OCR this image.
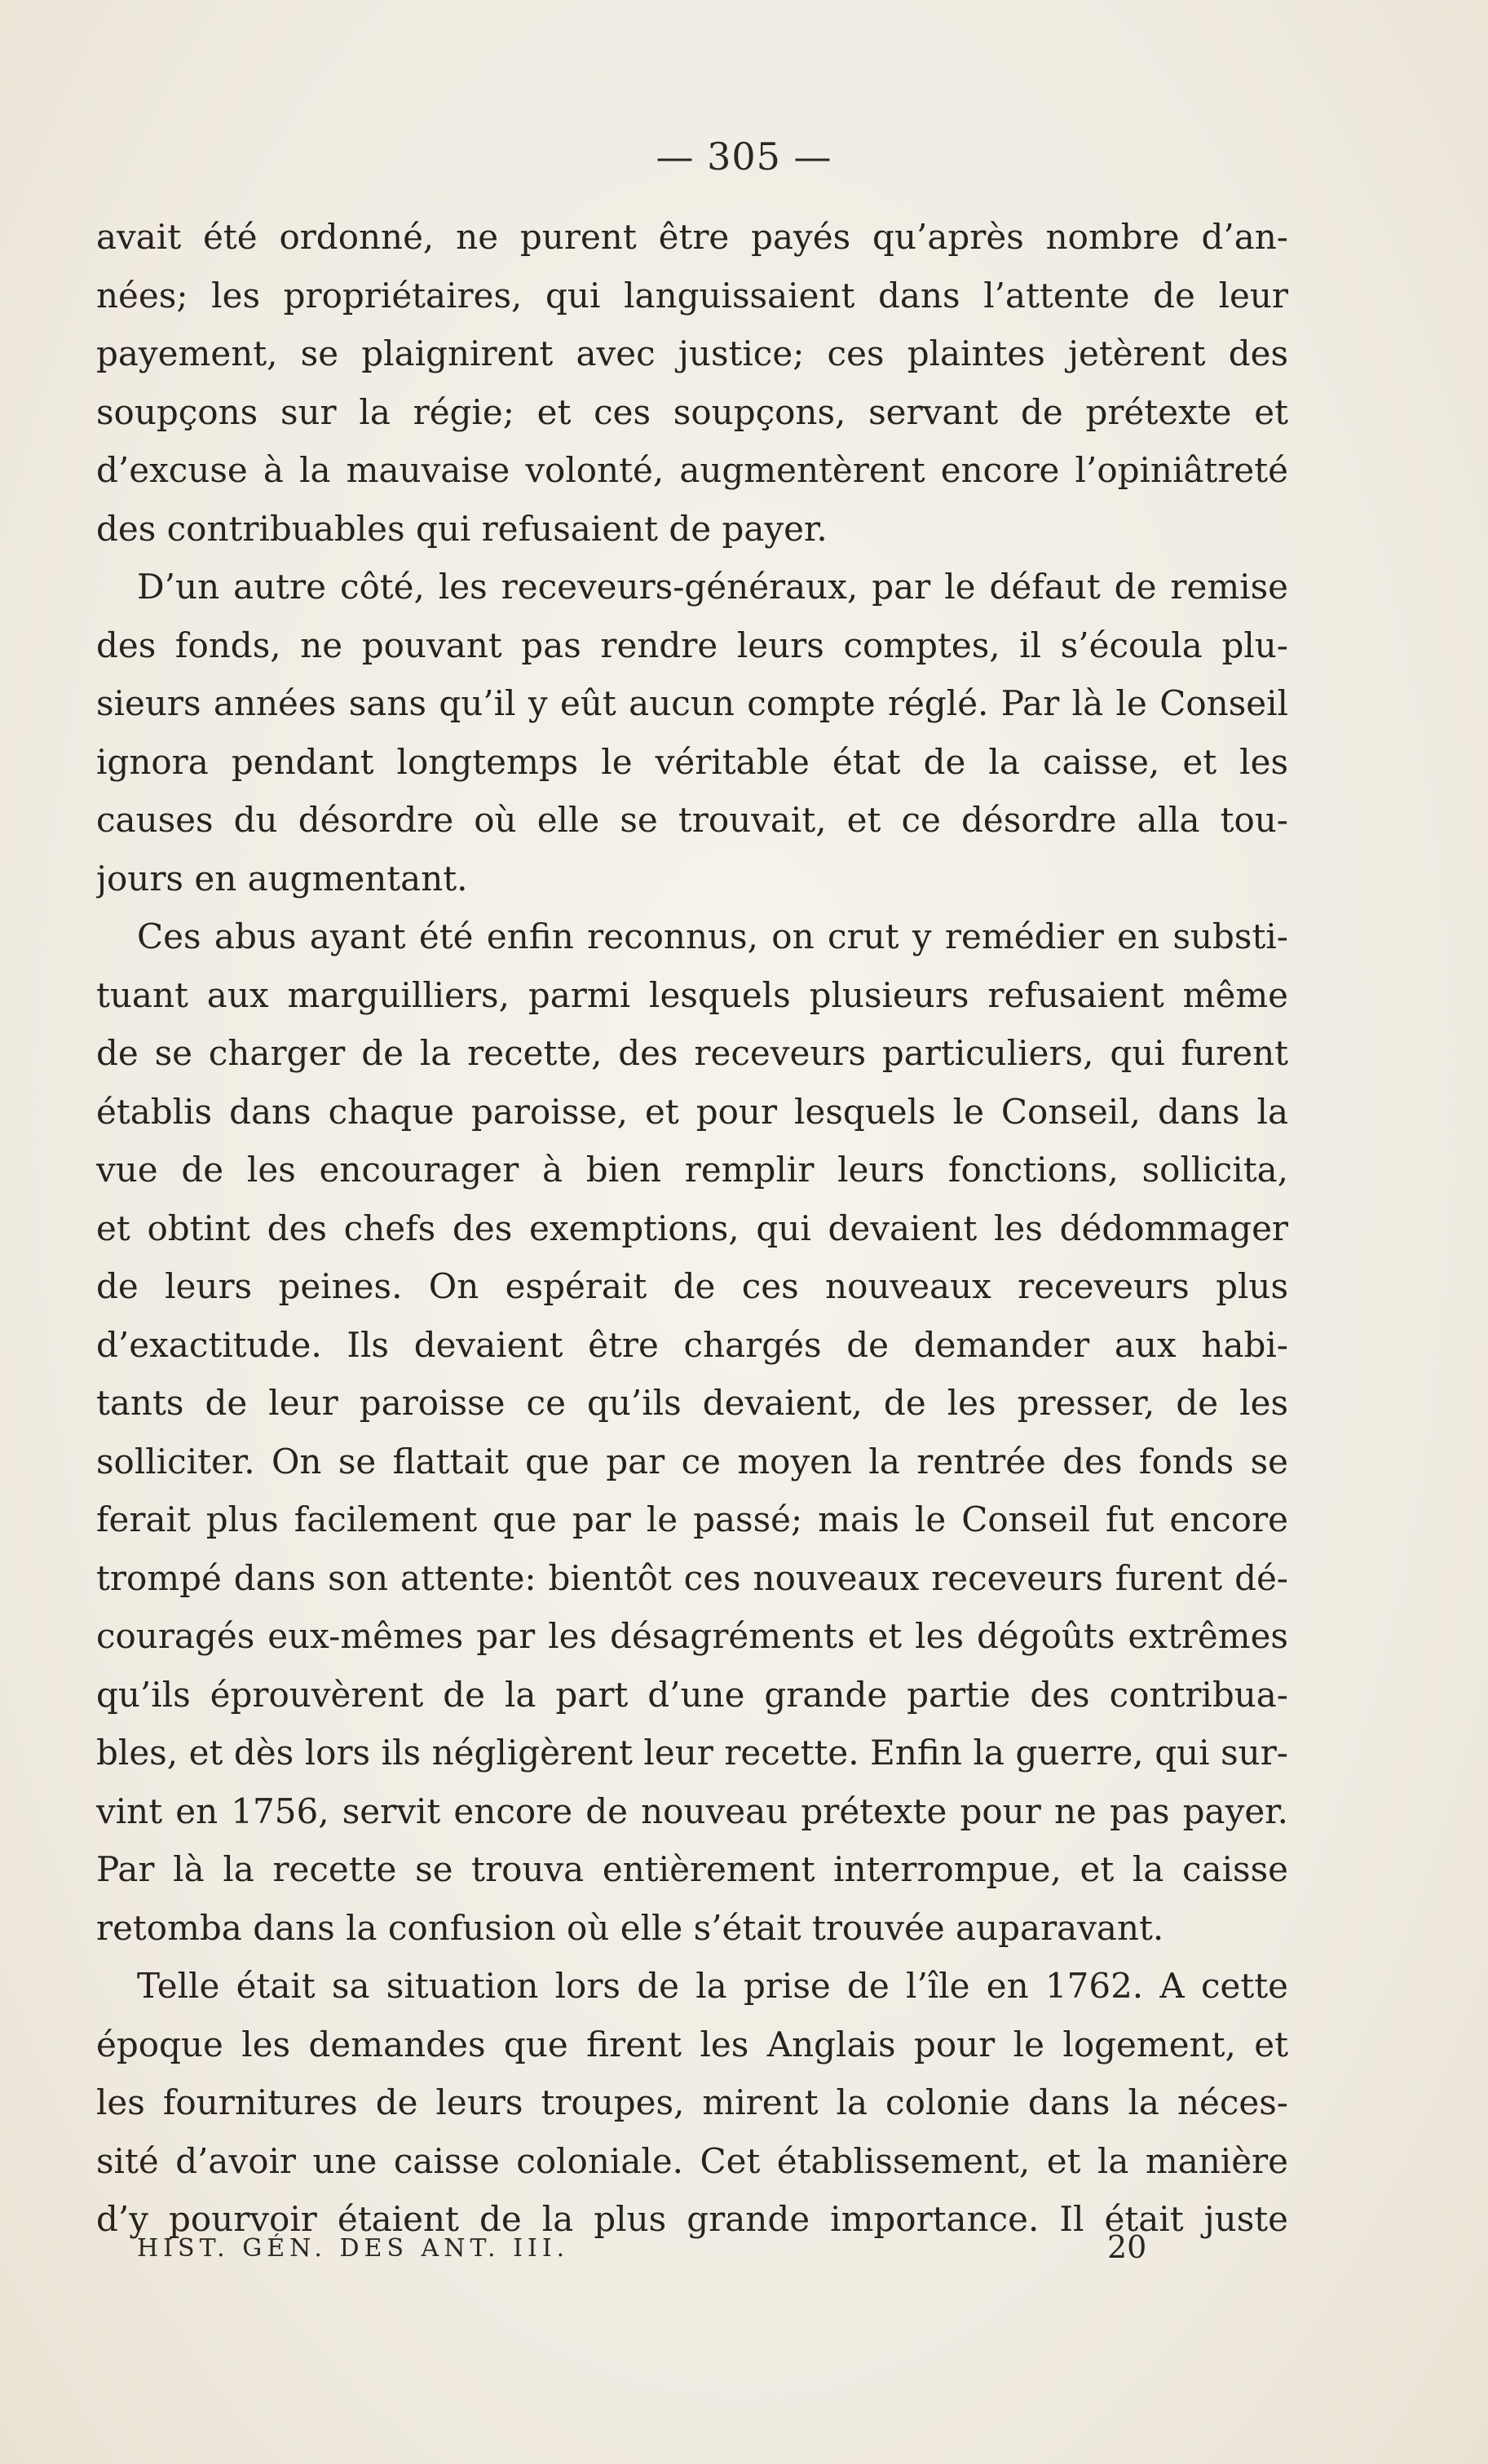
— 305 —
avait été ordonné, ne purent être payés qu’après nombre d’an-
nées; les propriétaires, qui languissaient dans l’attente de leur
payement, se plaignirent avec justice; ces plaintes jetèrent des
soupçons sur la régie; et ces soupçons, servant de prétexte et
d’excuse à la mauvaise volonté, augmentèrent encore l’opiniâtreté
des contribuables qui refusaient de payer.
D’un autre côté, les receveurs-généraux, par le défaut de remise
des fonds, ne pouvant pas rendre leurs comptes, il s’écoula plu-
sieurs années sans qu’il y eût aucun compte réglé. Par là le Conseil
ignora pendant longtemps le véritable état de la caisse, et les
causes du désordre où elle se trouvait, et ce désordre alla tou-
jours en augmentant.
Ces abus ayant été enfin reconnus, on crut y remédier en substi-
tuant aux marguilliers, parmi lesquels plusieurs refusaient même
de se charger de la recette, des receveurs particuliers, qui furent
établis dans chaque paroisse, et pour lesquels le Conseil, dans la
vue de les encourager à bien remplir leurs fonctions, sollicita,
et obtint des chefs des exemptions, qui devaient les dédommager
de leurs peines. On espérait de ces nouveaux receveurs plus
d’exactitude. Ils devaient être chargés de demander aux habi-
tants de leur paroisse ce qu’ils devaient, de les presser, de les
solliciter. On se flattait que par ce moyen la rentrée des fonds se
ferait plus facilement que par le passé; mais le Conseil fut encore
trompé dans son attente: bientôt ces nouveaux receveurs furent dé-
couragés eux-mêmes par les désagréments et les dégoûts extrêmes
qu’ils éprouvèrent de la part d’une grande partie des contribua-
bles, et dès lors ils négligèrent leur recette. Enfin la guerre, qui sur-
vint en 1756, servit encore de nouveau prétexte pour ne pas payer.
Par là la recette se trouva entièrement interrompue, et la caisse
retomba dans la confusion où elle s’était trouvée auparavant.
Telle était sa situation lors de la prise de l’île en 1762. A cette
époque les demandes que firent les Anglais pour le logement, et
les fournitures de leurs troupes, mirent la colonie dans la néces-
sité d’avoir une caisse coloniale. Cet établissement, et la manière
d’y pourvoir étaient de la plus grande importance. Il était juste
HIST. GÉN. DES ANT. III.	20
